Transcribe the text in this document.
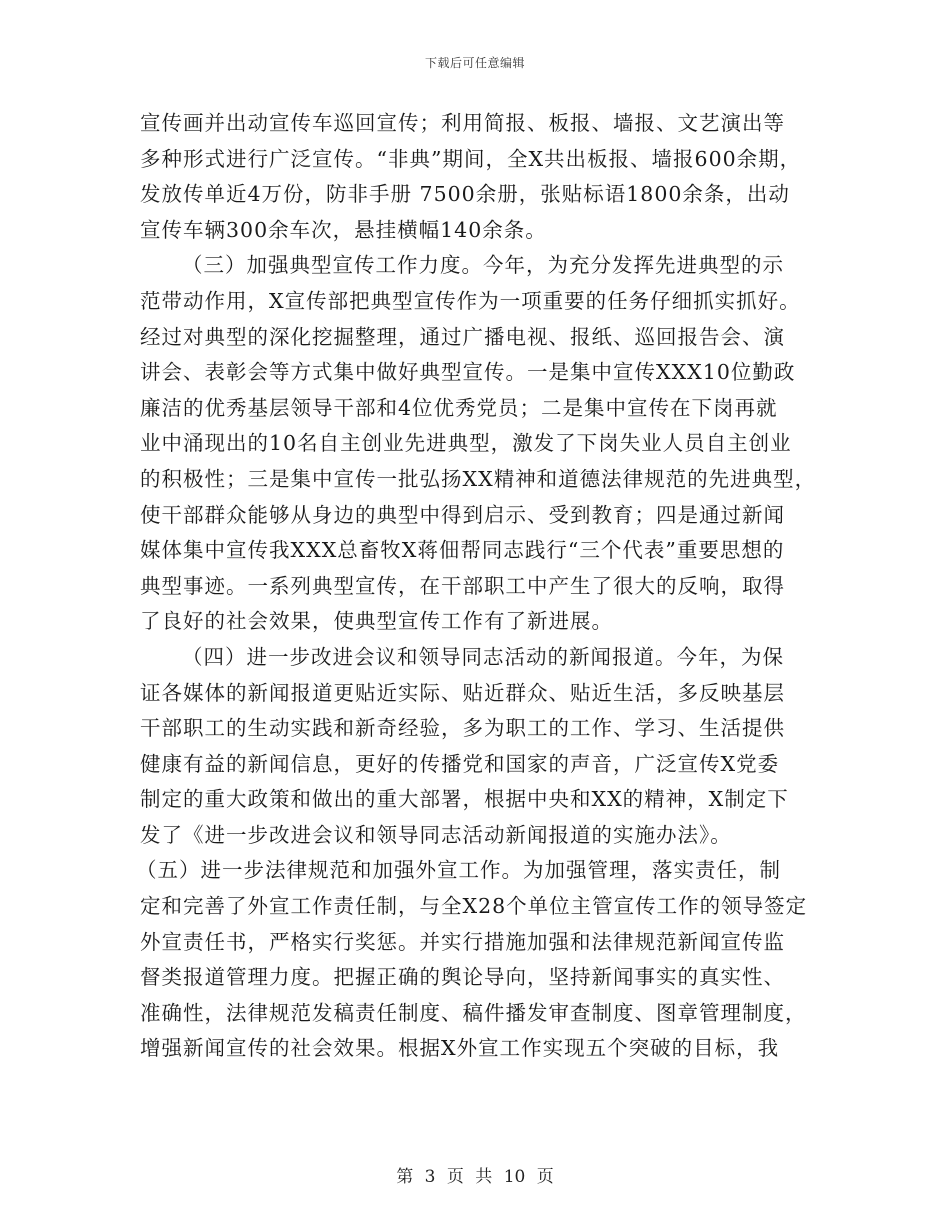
下载后可任意编辑
宣传画并出动宣传车巡回宣传；利用简报、板报、墙报、文艺演出等
多种形式进行广泛宣传。“非典”期间，全X共出板报、墙报600余期，
发放传单近4万份，防非手册 7500余册，张贴标语1800余条，出动
宣传车辆300余车次，悬挂横幅140余条。
（三）加强典型宣传工作力度。今年，为充分发挥先进典型的示
范带动作用，X宣传部把典型宣传作为一项重要的任务仔细抓实抓好。
经过对典型的深化挖掘整理，通过广播电视、报纸、巡回报告会、演
讲会、表彰会等方式集中做好典型宣传。一是集中宣传XXX10位勤政
廉洁的优秀基层领导干部和4位优秀党员；二是集中宣传在下岗再就
业中涌现出的10名自主创业先进典型，激发了下岗失业人员自主创业
的积极性；三是集中宣传一批弘扬XX精神和道德法律规范的先进典型，
使干部群众能够从身边的典型中得到启示、受到教育；四是通过新闻
媒体集中宣传我XXX总畜牧X蒋佃帮同志践行“三个代表”重要思想的
典型事迹。一系列典型宣传，在干部职工中产生了很大的反响，取得
了良好的社会效果，使典型宣传工作有了新进展。
（四）进一步改进会议和领导同志活动的新闻报道。今年，为保
证各媒体的新闻报道更贴近实际、贴近群众、贴近生活，多反映基层
干部职工的生动实践和新奇经验，多为职工的工作、学习、生活提供
健康有益的新闻信息，更好的传播党和国家的声音，广泛宣传X党委
制定的重大政策和做出的重大部署，根据中央和XX的精神，X制定下
发了《进一步改进会议和领导同志活动新闻报道的实施办法》。
（五）进一步法律规范和加强外宣工作。为加强管理，落实责任，制
定和完善了外宣工作责任制，与全X28个单位主管宣传工作的领导签定
外宣责任书，严格实行奖惩。并实行措施加强和法律规范新闻宣传监
督类报道管理力度。把握正确的舆论导向，坚持新闻事实的真实性、
准确性，法律规范发稿责任制度、稿件播发审查制度、图章管理制度，
增强新闻宣传的社会效果。根据X外宣工作实现五个突破的目标，我
第 3 页 共 10 页
